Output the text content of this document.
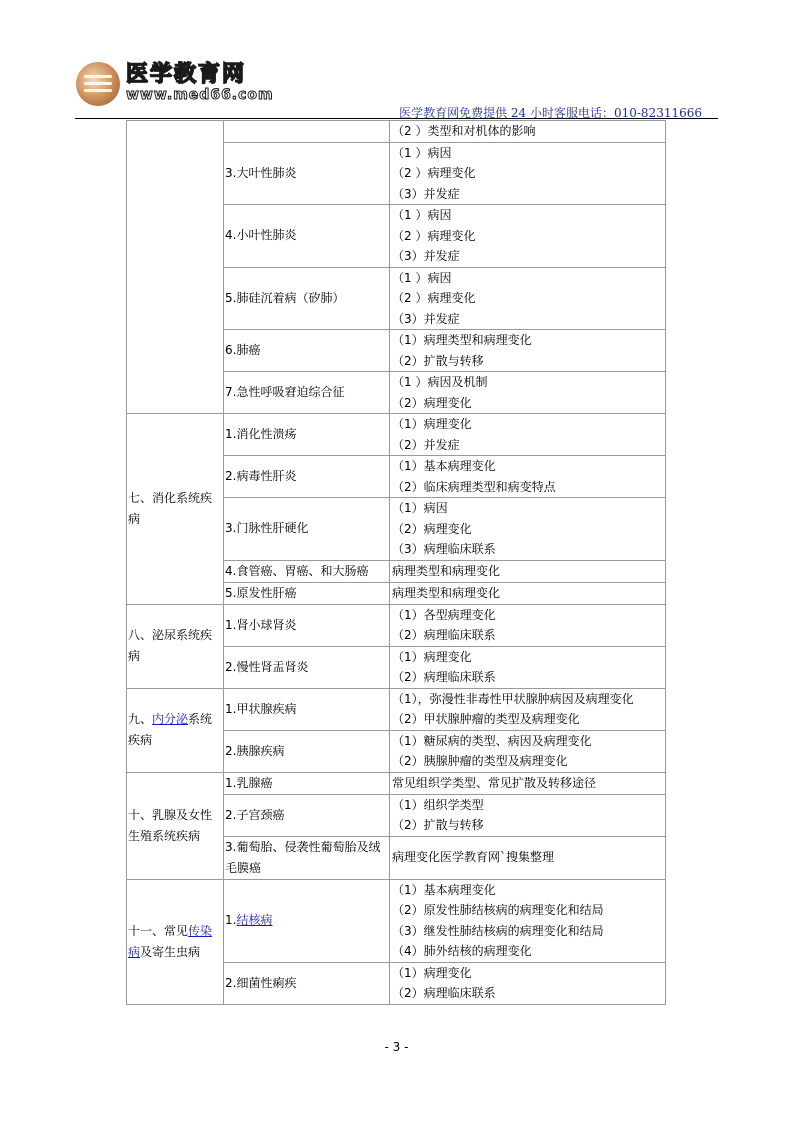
医学教育网
www.med66.com
医学教育网免费提供 24 小时客服电话：010-82311666

		（2 ）类型和对机体的影响

	3.大叶性肺炎	（1 ）病因
（2 ）病理变化
（3）并发症

	4.小叶性肺炎	（1 ）病因
（2 ）病理变化
（3）并发症

	5.肺硅沉着病（矽肺）	（1 ）病因
（2 ）病理变化
（3）并发症

	6.肺癌	（1）病理类型和病理变化
（2）扩散与转移

	7.急性呼吸窘迫综合征	（1 ）病因及机制
（2）病理变化

七、消化系统疾病	1.消化性溃疡	（1）病理变化
（2）并发症

	2.病毒性肝炎	（1）基本病理变化
（2）临床病理类型和病变特点

	3.门脉性肝硬化	（1）病因
（2）病理变化
（3）病理临床联系

	4.食管癌、胃癌、和大肠癌	病理类型和病理变化

	5.原发性肝癌	病理类型和病理变化

八、泌尿系统疾病	1.肾小球肾炎	（1）各型病理变化
（2）病理临床联系

	2.慢性肾盂肾炎	（1）病理变化
（2）病理临床联系

九、内分泌系统疾病	1.甲状腺疾病	（1），弥漫性非毒性甲状腺肿病因及病理变化
（2）甲状腺肿瘤的类型及病理变化

	2.胰腺疾病	（1）糖尿病的类型、病因及病理变化
（2）胰腺肿瘤的类型及病理变化

十、乳腺及女性生殖系统疾病	1.乳腺癌	常见组织学类型、常见扩散及转移途径

	2.子宫颈癌	（1）组织学类型
（2）扩散与转移

	3.葡萄胎、侵袭性葡萄胎及绒毛膜癌	病理变化医学教育网`搜集整理

十一、常见传染病及寄生虫病	1.结核病	（1）基本病理变化
（2）原发性肺结核病的病理变化和结局
（3）继发性肺结核病的病理变化和结局
（4）肺外结核的病理变化

	2.细菌性痢疾	（1）病理变化
（2）病理临床联系
- 3 -
